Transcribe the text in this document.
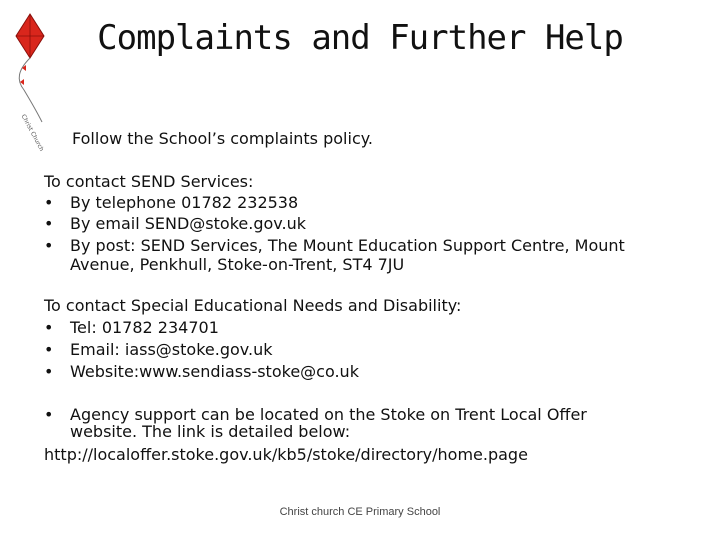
Christ Church
Complaints and Further Help
Follow the School’s complaints policy.
To contact SEND Services:
• By telephone 01782 232538
• By email SEND@stoke.gov.uk
• By post: SEND Services, The Mount Education Support Centre, Mount
Avenue, Penkhull, Stoke-on-Trent, ST4 7JU
To contact Special Educational Needs and Disability:
• Tel: 01782 234701
• Email: iass@stoke.gov.uk
• Website:www.sendiass-stoke@co.uk
• Agency support can be located on the Stoke on Trent Local Offer
website. The link is detailed below:
http://localoffer.stoke.gov.uk/kb5/stoke/directory/home.page
Christ church CE Primary School
